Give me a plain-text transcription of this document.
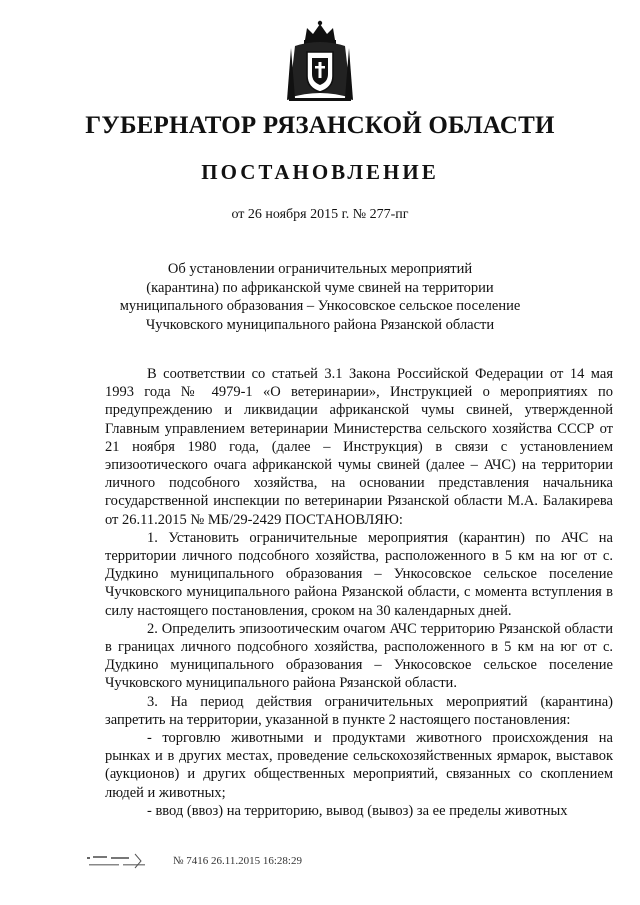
ГУБЕРНАТОР РЯЗАНСКОЙ ОБЛАСТИ
ПОСТАНОВЛЕНИЕ
от 26 ноября 2015 г. № 277-пг
Об установлении ограничительных мероприятий
(карантина) по африканской чуме свиней на территории
муниципального образования – Ункосовское сельское поселение
Чучковского муниципального района Рязанской области

В соответствии со статьей 3.1 Закона Российской Федерации от 14 мая 1993 года № 4979-1 «О ветеринарии», Инструкцией о мероприятиях по предупреждению и ликвидации африканской чумы свиней, утвержденной Главным управлением ветеринарии Министерства сельского хозяйства СССР от 21 ноября 1980 года, (далее – Инструкция) в связи с установлением эпизоотического очага африканской чумы свиней (далее – АЧС) на территории личного подсобного хозяйства, на основании представления начальника государственной инспекции по ветеринарии Рязанской области М.А. Балакирева от 26.11.2015 № МБ/29-2429 ПОСТАНОВЛЯЮ:

1. Установить ограничительные мероприятия (карантин) по АЧС на территории личного подсобного хозяйства, расположенного в 5 км на юг от с. Дудкино муниципального образования – Ункосовское сельское поселение Чучковского муниципального района Рязанской области, с момента вступления в силу настоящего постановления, сроком на 30 календарных дней.

2. Определить эпизоотическим очагом АЧС территорию Рязанской области в границах личного подсобного хозяйства, расположенного в 5 км на юг от с. Дудкино муниципального образования – Ункосовское сельское поселение Чучковского муниципального района Рязанской области.

3. На период действия ограничительных мероприятий (карантина) запретить на территории, указанной в пункте 2 настоящего постановления:

- торговлю животными и продуктами животного происхождения на рынках и в других местах, проведение сельскохозяйственных ярмарок, выставок (аукционов) и других общественных мероприятий, связанных со скоплением людей и животных;

- ввод (ввоз) на территорию, вывод (вывоз) за ее пределы животных

№ 7416 26.11.2015 16:28:29
